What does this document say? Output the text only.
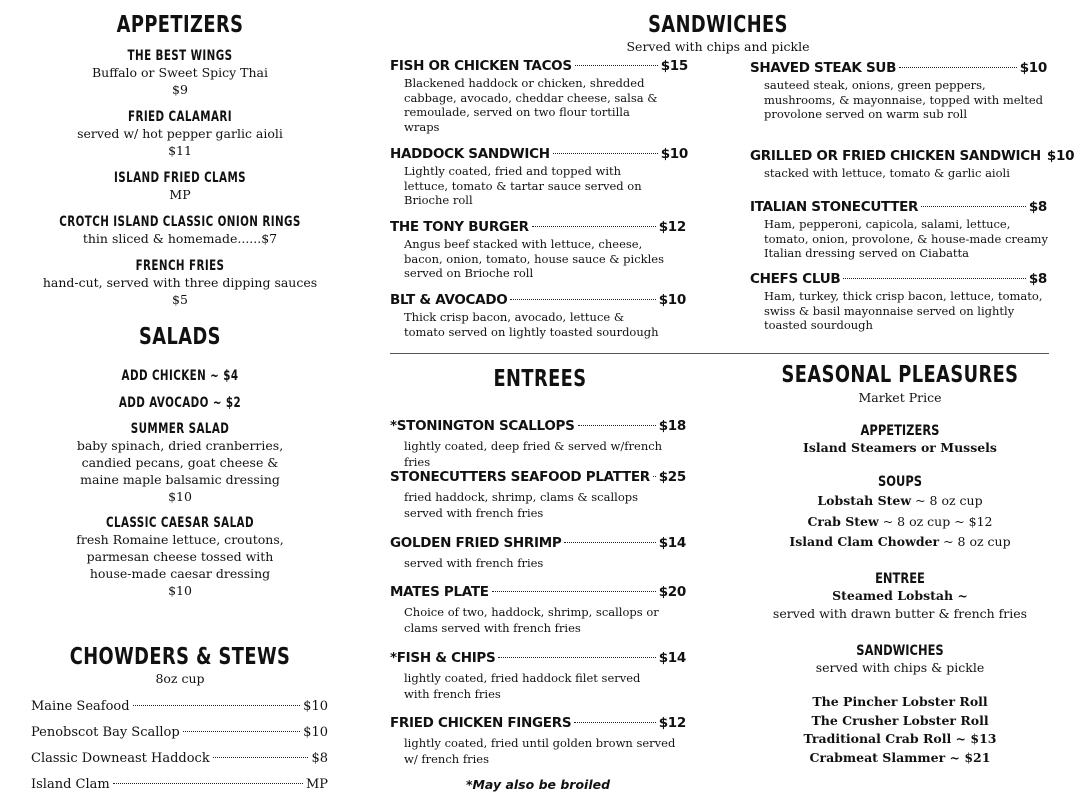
APPETIZERS
THE BEST WINGS
Buffalo or Sweet Spicy Thai
$9
FRIED CALAMARI
served w/ hot pepper garlic aioli
$11
ISLAND FRIED CLAMS
MP
CROTCH ISLAND CLASSIC ONION RINGS
thin sliced & homemade......$7
FRENCH FRIES
hand-cut, served with three dipping sauces
$5
SALADS
ADD CHICKEN ~ $4
ADD AVOCADO ~ $2
SUMMER SALAD
baby spinach, dried cranberries, candied pecans, goat cheese & maine maple balsamic dressing
$10
CLASSIC CAESAR SALAD
fresh Romaine lettuce, croutons, parmesan cheese tossed with house-made caesar dressing
$10
CHOWDERS & STEWS
8oz cup
Maine Seafood	$10
Penobscot Bay Scallop	$10
Classic Downeast Haddock	$8
Island Clam	MP
SANDWICHES
Served with chips and pickle
FISH OR CHICKEN TACOS	$15
Blackened haddock or chicken, shredded cabbage, avocado, cheddar cheese, salsa & remoulade, served on two flour tortilla wraps
HADDOCK SANDWICH	$10
Lightly coated, fried and topped with lettuce, tomato & tartar sauce served on Brioche roll
THE TONY BURGER	$12
Angus beef stacked with lettuce, cheese, bacon, onion, tomato, house sauce & pickles served on Brioche roll
BLT & AVOCADO	$10
Thick crisp bacon, avocado, lettuce & tomato served on lightly toasted sourdough
SHAVED STEAK SUB	$10
sauteed steak, onions, green peppers, mushrooms, & mayonnaise, topped with melted provolone served on warm sub roll
GRILLED OR FRIED CHICKEN SANDWICH $10
stacked with lettuce, tomato & garlic aioli
ITALIAN STONECUTTER	$8
Ham, pepperoni, capicola, salami, lettuce, tomato, onion, provolone, & house-made creamy Italian dressing served on Ciabatta
CHEFS CLUB	$8
Ham, turkey, thick crisp bacon, lettuce, tomato, swiss & basil mayonnaise served on lightly toasted sourdough
ENTREES
*STONINGTON SCALLOPS	$18
lightly coated, deep fried & served w/french fries
STONECUTTERS SEAFOOD PLATTER $25
fried haddock, shrimp, clams & scallops served with french fries
GOLDEN FRIED SHRIMP	$14
served with french fries
MATES PLATE	$20
Choice of two, haddock, shrimp, scallops or clams served with french fries
*FISH & CHIPS	$14
lightly coated, fried haddock filet served with french fries
FRIED CHICKEN FINGERS	$12
lightly coated, fried until golden brown served w/ french fries
*May also be broiled
SEASONAL PLEASURES
Market Price
APPETIZERS
Island Steamers or Mussels
SOUPS
Lobstah Stew ~ 8 oz cup
Crab Stew ~ 8 oz cup ~ $12
Island Clam Chowder ~ 8 oz cup
ENTREE
Steamed Lobstah ~
served with drawn butter & french fries
SANDWICHES
served with chips & pickle
The Pincher Lobster Roll
The Crusher Lobster Roll
Traditional Crab Roll ~ $13
Crabmeat Slammer ~ $21
